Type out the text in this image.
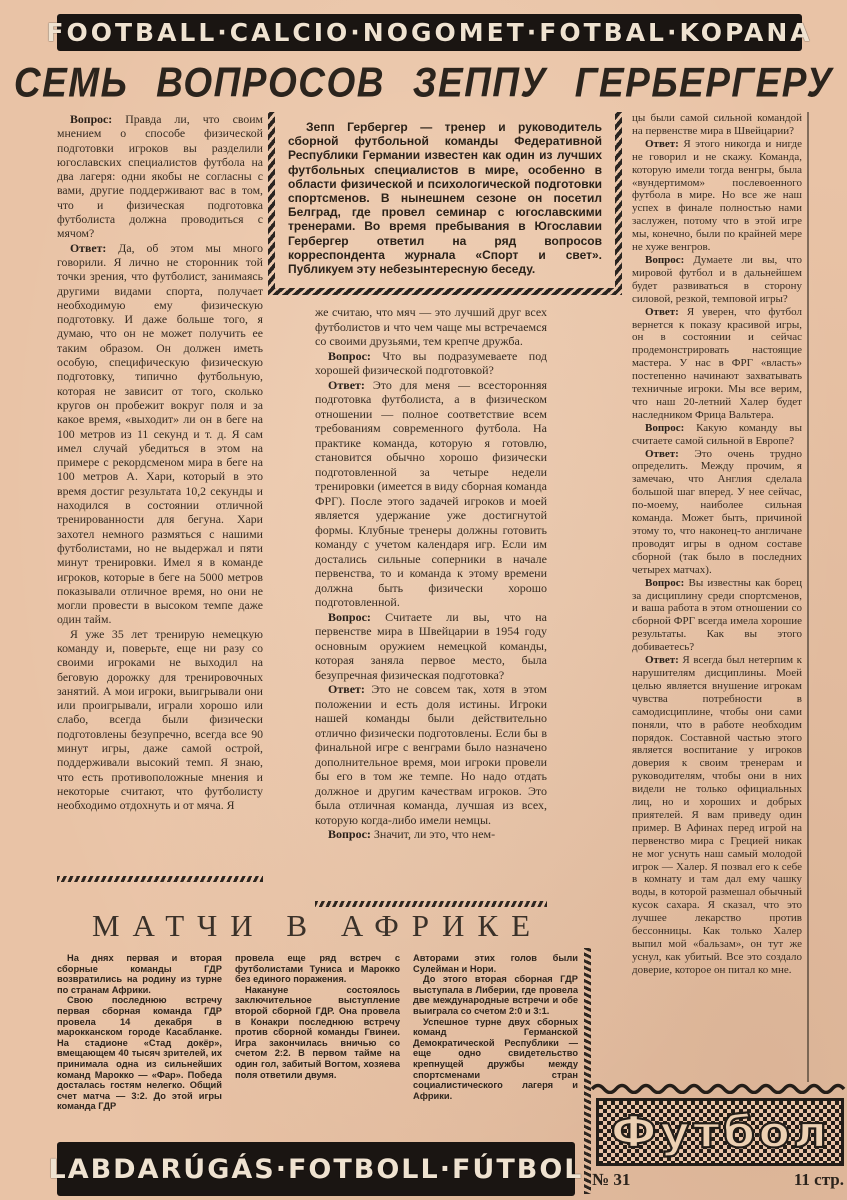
FOOTBALL·CALCIO·NOGOMET·FOTBAL·KOPANA
СЕМЬ ВОПРОСОВ ЗЕППУ ГЕРБЕРГЕРУ

Вопрос: Правда ли, что своим мнением о способе физической подготовки игроков вы разделили югославских специалистов футбола на два лагеря: одни якобы не согласны с вами, другие поддерживают вас в том, что и физическая подготовка футболиста должна проводиться с мячом?

Ответ: Да, об этом мы много говорили. Я лично не сторонник той точки зрения, что футболист, занимаясь другими видами спорта, получает необходимую ему физическую подготовку. И даже больше того, я думаю, что он не может получить ее таким образом. Он должен иметь особую, специфическую физическую подготовку, типично футбольную, которая не зависит от того, сколько кругов он пробежит вокруг поля и за какое время, «выходит» ли он в беге на 100 метров из 11 секунд и т. д. Я сам имел случай убедиться в этом на примере с рекордсменом мира в беге на 100 метров А. Хари, который в это время достиг результата 10,2 секунды и находился в состоянии отличной тренированности для бегуна. Хари захотел немного размяться с нашими футболистами, но не выдержал и пяти минут тренировки. Имел я в команде игроков, которые в беге на 5000 метров показывали отличное время, но они не могли провести в высоком темпе даже один тайм.

Я уже 35 лет тренирую немецкую команду и, поверьте, еще ни разу со своими игроками не выходил на беговую дорожку для тренировочных занятий. А мои игроки, выигрывали они или проигрывали, играли хорошо или слабо, всегда были физически подготовлены безупречно, всегда все 90 минут игры, даже самой острой, поддерживали высокий темп. Я знаю, что есть противоположные мнения и некоторые считают, что футболисту необходимо отдохнуть и от мяча. Я

Зепп Гербергер — тренер и руководитель сборной футбольной команды Федеративной Республики Германии известен как один из лучших футбольных специалистов в мире, особенно в области физической и психологической подготовки спортсменов. В нынешнем сезоне он посетил Белград, где провел семинар с югославскими тренерами. Во время пребывания в Югославии Гербергер ответил на ряд вопросов корреспондента журнала «Спорт и свет». Публикуем эту небезынтересную беседу.

же считаю, что мяч — это лучший друг всех футболистов и что чем чаще мы встречаемся со своими друзьями, тем крепче дружба.

Вопрос: Что вы подразумеваете под хорошей физической подготовкой?

Ответ: Это для меня — всесторонняя подготовка футболиста, а в физическом отношении — полное соответствие всем требованиям современного футбола. На практике команда, которую я готовлю, становится обычно хорошо физически подготовленной за четыре недели тренировки (имеется в виду сборная команда ФРГ). После этого задачей игроков и моей является удержание уже достигнутой формы. Клубные тренеры должны готовить команду с учетом календаря игр. Если им достались сильные соперники в начале первенства, то и команда к этому времени должна быть физически хорошо подготовленной.

Вопрос: Считаете ли вы, что на первенстве мира в Швейцарии в 1954 году основным оружием немецкой команды, которая заняла первое место, была безупречная физическая подготовка?

Ответ: Это не совсем так, хотя в этом положении и есть доля истины. Игроки нашей команды были действительно отлично физически подготовлены. Если бы в финальной игре с венграми было назначено дополнительное время, мои игроки провели бы его в том же темпе. Но надо отдать должное и другим качествам игроков. Это была отличная команда, лучшая из всех, которую когда-либо имели немцы.

Вопрос: Значит, ли это, что нем-

цы были самой сильной командой на первенстве мира в Швейцарии?

Ответ: Я этого никогда и нигде не говорил и не скажу. Команда, которую имели тогда венгры, была «вундертимом» послевоенного футбола в мире. Но все же наш успех в финале полностью нами заслужен, потому что в этой игре мы, конечно, были по крайней мере не хуже венгров.

Вопрос: Думаете ли вы, что мировой футбол и в дальнейшем будет развиваться в сторону силовой, резкой, темповой игры?

Ответ: Я уверен, что футбол вернется к показу красивой игры, он в состоянии и сейчас продемонстрировать настоящие мастера. У нас в ФРГ «власть» постепенно начинают захватывать техничные игроки. Мы все верим, что наш 20-летний Халер будет наследником Фрица Вальтера.

Вопрос: Какую команду вы считаете самой сильной в Европе?

Ответ: Это очень трудно определить. Между прочим, я замечаю, что Англия сделала большой шаг вперед. У нее сейчас, по-моему, наиболее сильная команда. Может быть, причиной этому то, что наконец-то англичане проводят игры в одном составе сборной (так было в последних четырех матчах).

Вопрос: Вы известны как борец за дисциплину среди спортсменов, и ваша работа в этом отношении со сборной ФРГ всегда имела хорошие результаты. Как вы этого добиваетесь?

Ответ: Я всегда был нетерпим к нарушителям дисциплины. Моей целью является внушение игрокам чувства потребности в самодисциплине, чтобы они сами поняли, что в работе необходим порядок. Составной частью этого является воспитание у игроков доверия к своим тренерам и руководителям, чтобы они в них видели не только официальных лиц, но и хороших и добрых приятелей. Я вам приведу один пример. В Афинах перед игрой на первенство мира с Грецией никак не мог уснуть наш самый молодой игрок — Халер. Я позвал его к себе в комнату и там дал ему чашку воды, в которой размешал обычный кусок сахара. Я сказал, что это лучшее лекарство против бессонницы. Как только Халер выпил мой «бальзам», он тут же уснул, как убитый. Все это создало доверие, которое он питал ко мне.

МАТЧИ В АФРИКЕ

На днях первая и вторая сборные команды ГДР возвратились на родину из турне по странам Африки.

Свою последнюю встречу первая сборная команда ГДР провела 14 декабря в марокканском городе Касабланке. На стадионе «Стад докёр», вмещающем 40 тысяч зрителей, их принимала одна из сильнейших команд Марокко — «Фар». Победа досталась гостям нелегко. Общий счет матча — 3:2. До этой игры команда ГДР

провела еще ряд встреч с футболистами Туниса и Марокко без единого поражения.

Накануне состоялось заключительное выступление второй сборной ГДР. Она провела в Конакри последнюю встречу против сборной команды Гвинеи. Игра закончилась вничью со счетом 2:2. В первом тайме на один гол, забитый Вогтом, хозяева поля ответили двумя.

Авторами этих голов были Сулейман и Нори.

До этого вторая сборная ГДР выступала в Либерии, где провела две международные встречи и обе выиграла со счетом 2:0 и 3:1.

Успешное турне двух сборных команд Германской Демократической Республики — еще одно свидетельство крепнущей дружбы между спортсменами стран социалистического лагеря и Африки.

LABDARÚGÁS·FOTBOLL·FÚTBOL
Футбол
№ 31	11 стр.
